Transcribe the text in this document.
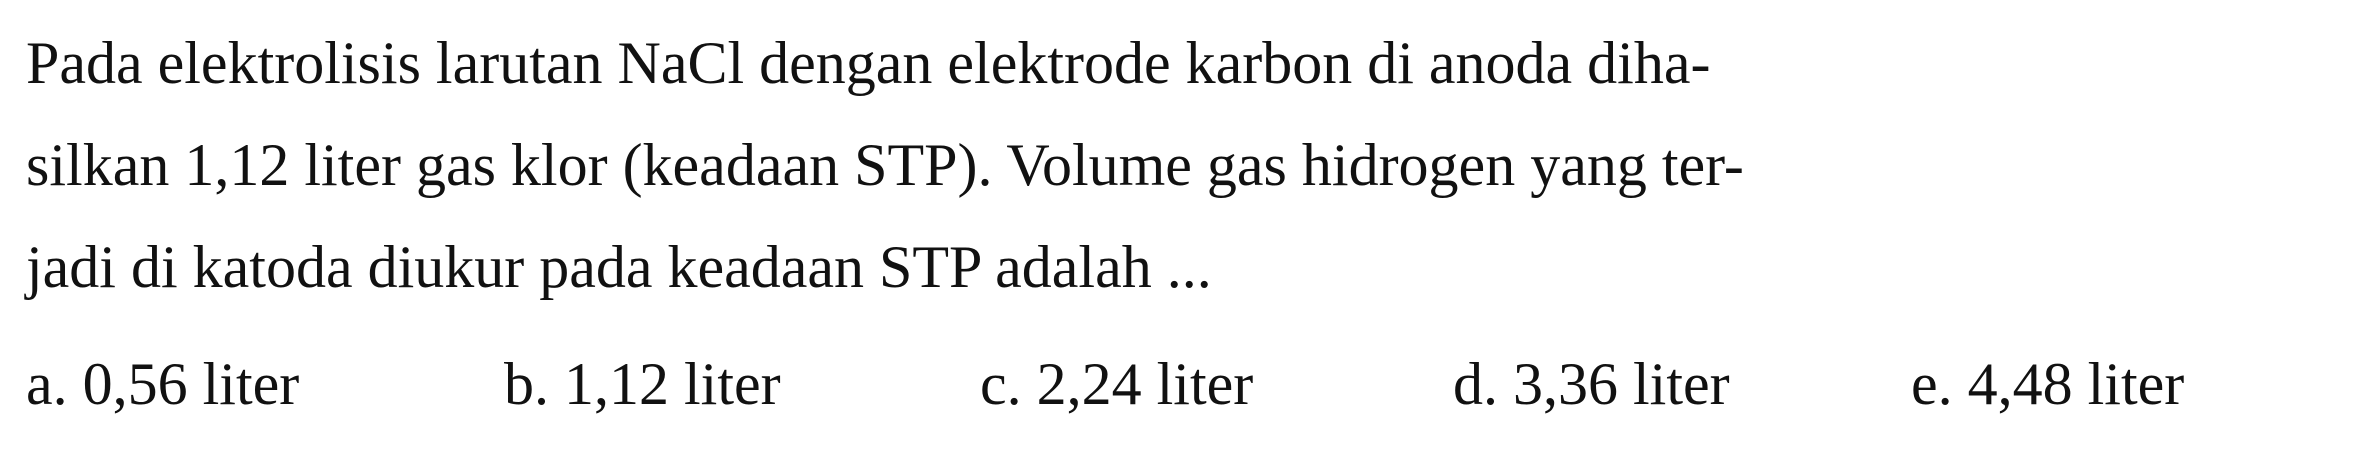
Pada elektrolisis larutan NaCl dengan elektrode karbon di anoda diha-
silkan 1,12 liter gas klor (keadaan STP). Volume gas hidrogen yang ter-
jadi di katoda diukur pada keadaan STP adalah ...
a. 0,56 liter	b. 1,12 liter	c. 2,24 liter	d. 3,36 liter	e. 4,48 liter
